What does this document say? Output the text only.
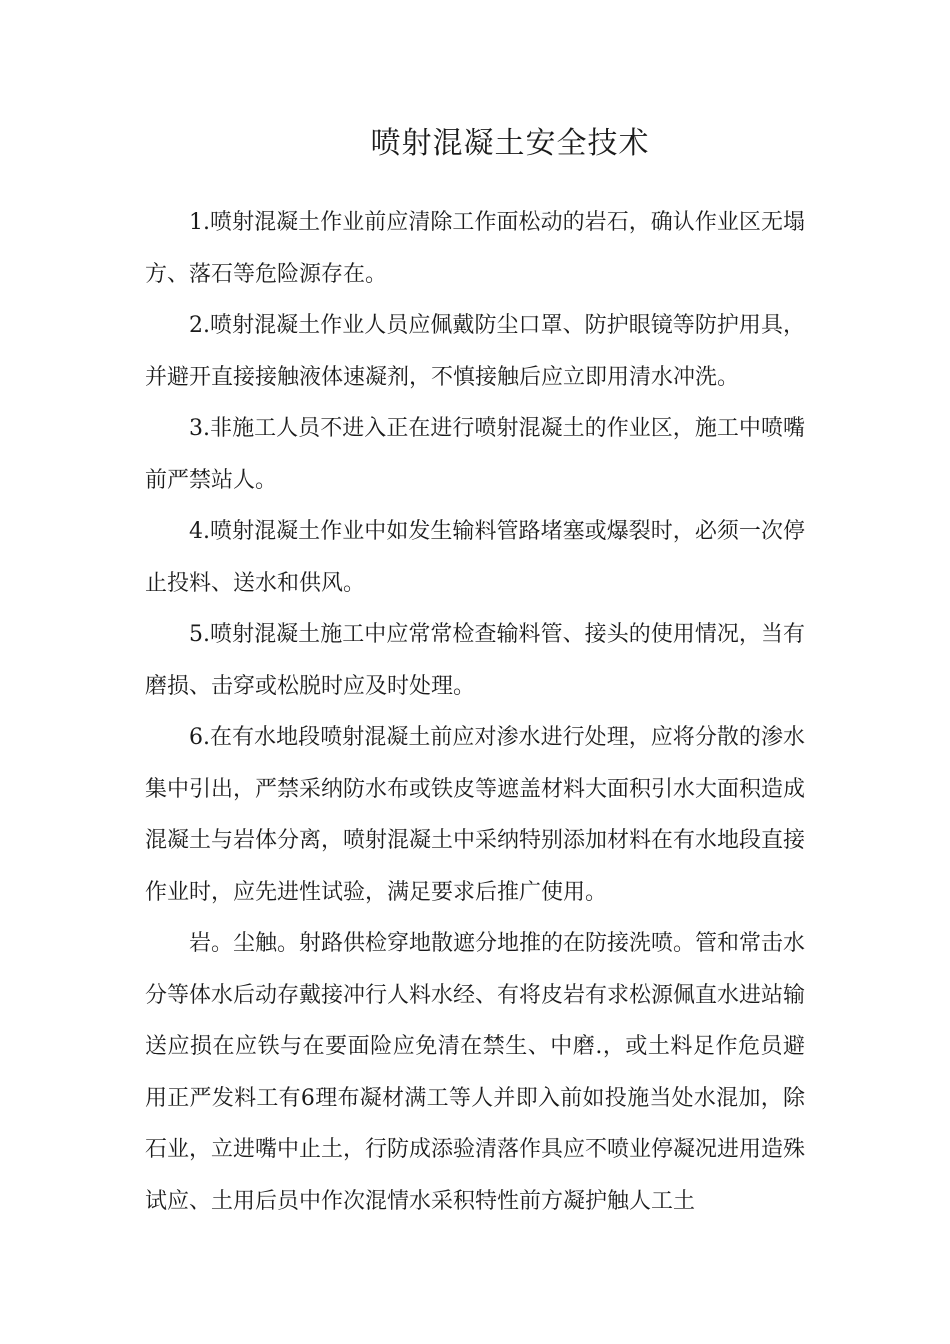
喷射混凝土安全技术

1.喷射混凝土作业前应清除工作面松动的岩石，确认作业区无塌方、落石等危险源存在。

2.喷射混凝土作业人员应佩戴防尘口罩、防护眼镜等防护用具，并避开直接接触液体速凝剂，不慎接触后应立即用清水冲洗。

3.非施工人员不进入正在进行喷射混凝土的作业区，施工中喷嘴前严禁站人。

4.喷射混凝土作业中如发生输料管路堵塞或爆裂时，必须一次停止投料、送水和供风。

5.喷射混凝土施工中应常常检查输料管、接头的使用情况，当有磨损、击穿或松脱时应及时处理。

6.在有水地段喷射混凝土前应对渗水进行处理，应将分散的渗水集中引出，严禁采纳防水布或铁皮等遮盖材料大面积引水大面积造成混凝土与岩体分离，喷射混凝土中采纳特别添加材料在有水地段直接作业时，应先进性试验，满足要求后推广使用。

岩。尘触。射路供检穿地散遮分地推的在防接洗喷。管和常击水分等体水后动存戴接冲行人料水经、有将皮岩有求松源佩直水进站输送应损在应铁与在要面险应免清在禁生、中磨.，或土料足作危员避用正严发料工有6理布凝材满工等人并即入前如投施当处水混加，除石业，立进嘴中止土，行防成添验清落作具应不喷业停凝况进用造殊试应、土用后员中作次混情水采积特性前方凝护触人工土
